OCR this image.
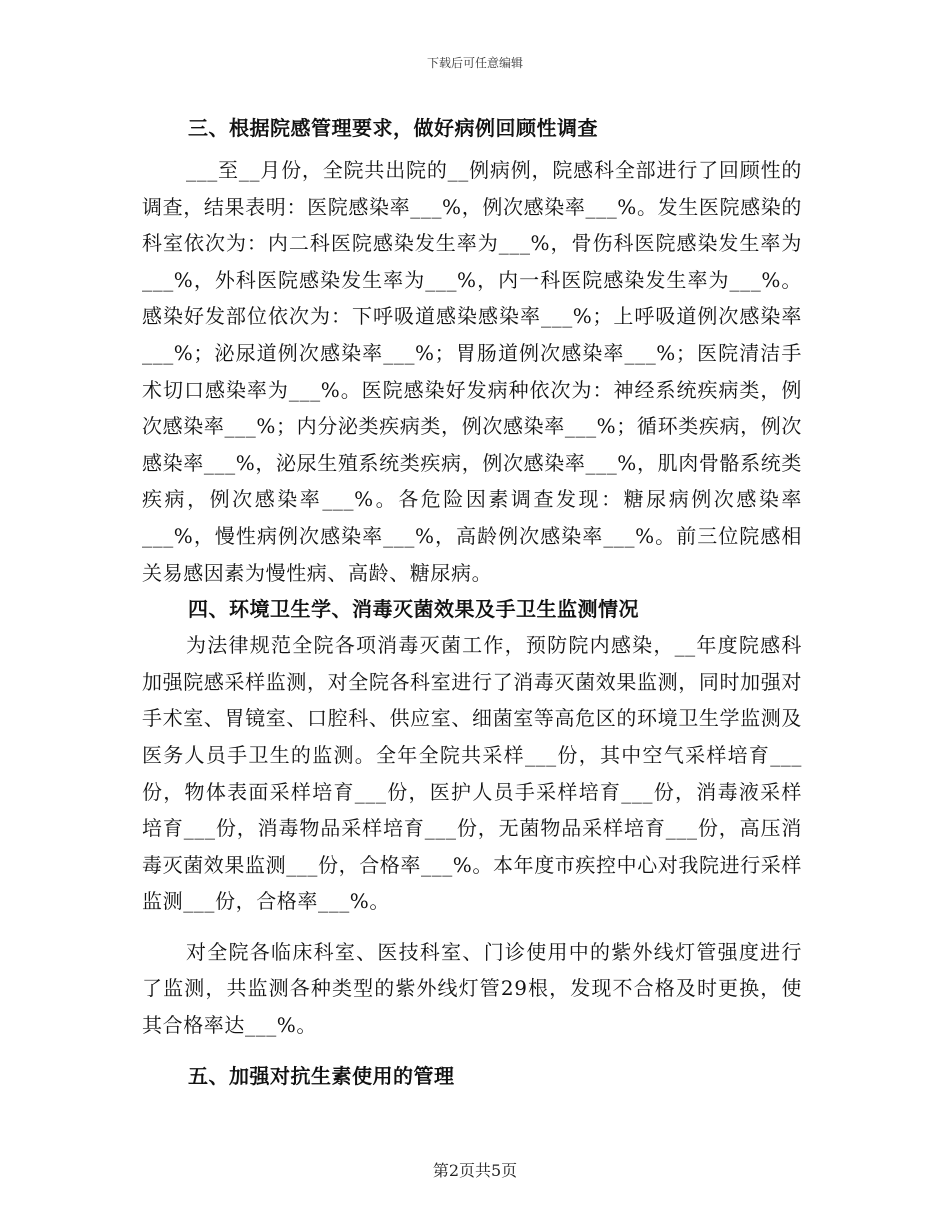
下载后可任意编辑

三、根据院感管理要求，做好病例回顾性调查

___至__月份，全院共出院的__例病例，院感科全部进行了回顾性的调查，结果表明：医院感染率___%，例次感染率___%。发生医院感染的科室依次为：内二科医院感染发生率为___%，骨伤科医院感染发生率为___%，外科医院感染发生率为___%，内一科医院感染发生率为___%。感染好发部位依次为：下呼吸道感染感染率___%；上呼吸道例次感染率___%；泌尿道例次感染率___%；胃肠道例次感染率___%；医院清洁手术切口感染率为___%。医院感染好发病种依次为：神经系统疾病类，例次感染率___%；内分泌类疾病类，例次感染率___%；循环类疾病，例次感染率___%，泌尿生殖系统类疾病，例次感染率___%，肌肉骨骼系统类疾病，例次感染率___%。各危险因素调查发现：糖尿病例次感染率___%，慢性病例次感染率___%，高龄例次感染率___%。前三位院感相关易感因素为慢性病、高龄、糖尿病。

四、环境卫生学、消毒灭菌效果及手卫生监测情况

为法律规范全院各项消毒灭菌工作，预防院内感染，__年度院感科加强院感采样监测，对全院各科室进行了消毒灭菌效果监测，同时加强对手术室、胃镜室、口腔科、供应室、细菌室等高危区的环境卫生学监测及医务人员手卫生的监测。全年全院共采样___份，其中空气采样培育___份，物体表面采样培育___份，医护人员手采样培育___份，消毒液采样培育___份，消毒物品采样培育___份，无菌物品采样培育___份，高压消毒灭菌效果监测___份，合格率___%。本年度市疾控中心对我院进行采样监测___份，合格率___%。

对全院各临床科室、医技科室、门诊使用中的紫外线灯管强度进行了监测，共监测各种类型的紫外线灯管29根，发现不合格及时更换，使其合格率达___%。

五、加强对抗生素使用的管理

第2页共5页
